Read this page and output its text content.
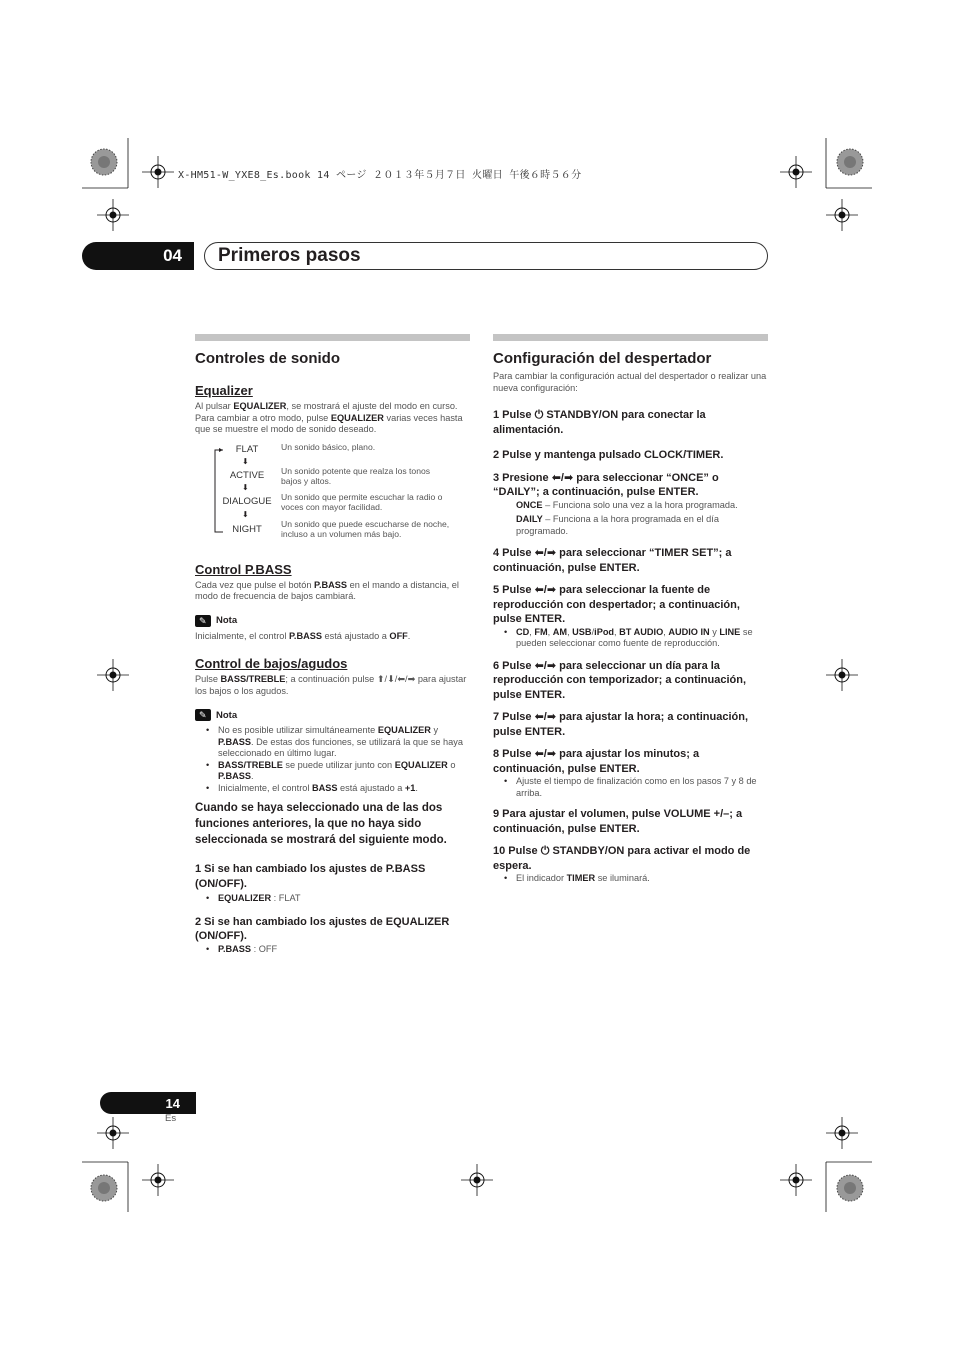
X-HM51-W_YXE8_Es.book 14 ページ ２０１３年５月７日 火曜日 午後６時５６分
04	Primeros pasos
Controles de sonido
Equalizer

Al pulsar EQUALIZER, se mostrará el ajuste del modo en curso. Para cambiar a otro modo, pulse EQUALIZER varias veces hasta que se muestre el modo de sonido deseado.

FLAT
⬇
ACTIVE
⬇
DIALOGUE
⬇
NIGHT
Un sonido básico, plano.
Un sonido potente que realza los tonos bajos y altos.
Un sonido que permite escuchar la radio o voces con mayor facilidad.
Un sonido que puede escucharse de noche, incluso a un volumen más bajo.
Control P.BASS

Cada vez que pulse el botón P.BASS en el mando a distancia, el modo de frecuencia de bajos cambiará.

✎ Nota

Inicialmente, el control P.BASS está ajustado a OFF.

Control de bajos/agudos

Pulse BASS/TREBLE; a continuación pulse ⬆/⬇/⬅/➡ para ajustar los bajos o los agudos.

✎ Nota
• No es posible utilizar simultáneamente EQUALIZER y P.BASS. De estas dos funciones, se utilizará la que se haya seleccionado en último lugar.
• BASS/TREBLE se puede utilizar junto con EQUALIZER o P.BASS.
• Inicialmente, el control BASS está ajustado a +1.

Cuando se haya seleccionado una de las dos funciones anteriores, la que no haya sido seleccionada se mostrará del siguiente modo.

1 Si se han cambiado los ajustes de P.BASS (ON/OFF).

• EQUALIZER : FLAT

2 Si se han cambiado los ajustes de EQUALIZER (ON/OFF).

• P.BASS : OFF
Configuración del despertador

Para cambiar la configuración actual del despertador o realizar una nueva configuración:

1 Pulse ⏻ STANDBY/ON para conectar la alimentación.

2 Pulse y mantenga pulsado CLOCK/TIMER.

3 Presione ⬅/➡ para seleccionar “ONCE” o “DAILY”; a continuación, pulse ENTER.

ONCE – Funciona solo una vez a la hora programada.

DAILY – Funciona a la hora programada en el día programado.

4 Pulse ⬅/➡ para seleccionar “TIMER SET”; a continuación, pulse ENTER.

5 Pulse ⬅/➡ para seleccionar la fuente de reproducción con despertador; a continuación, pulse ENTER.

• CD, FM, AM, USB/iPod, BT AUDIO, AUDIO IN y LINE se pueden seleccionar como fuente de reproducción.

6 Pulse ⬅/➡ para seleccionar un día para la reproducción con temporizador; a continuación, pulse ENTER.

7 Pulse ⬅/➡ para ajustar la hora; a continuación, pulse ENTER.

8 Pulse ⬅/➡ para ajustar los minutos; a continuación, pulse ENTER.

• Ajuste el tiempo de finalización como en los pasos 7 y 8 de arriba.

9 Para ajustar el volumen, pulse VOLUME +/–; a continuación, pulse ENTER.

10 Pulse ⏻ STANDBY/ON para activar el modo de espera.

• El indicador TIMER se iluminará.
14
Es
